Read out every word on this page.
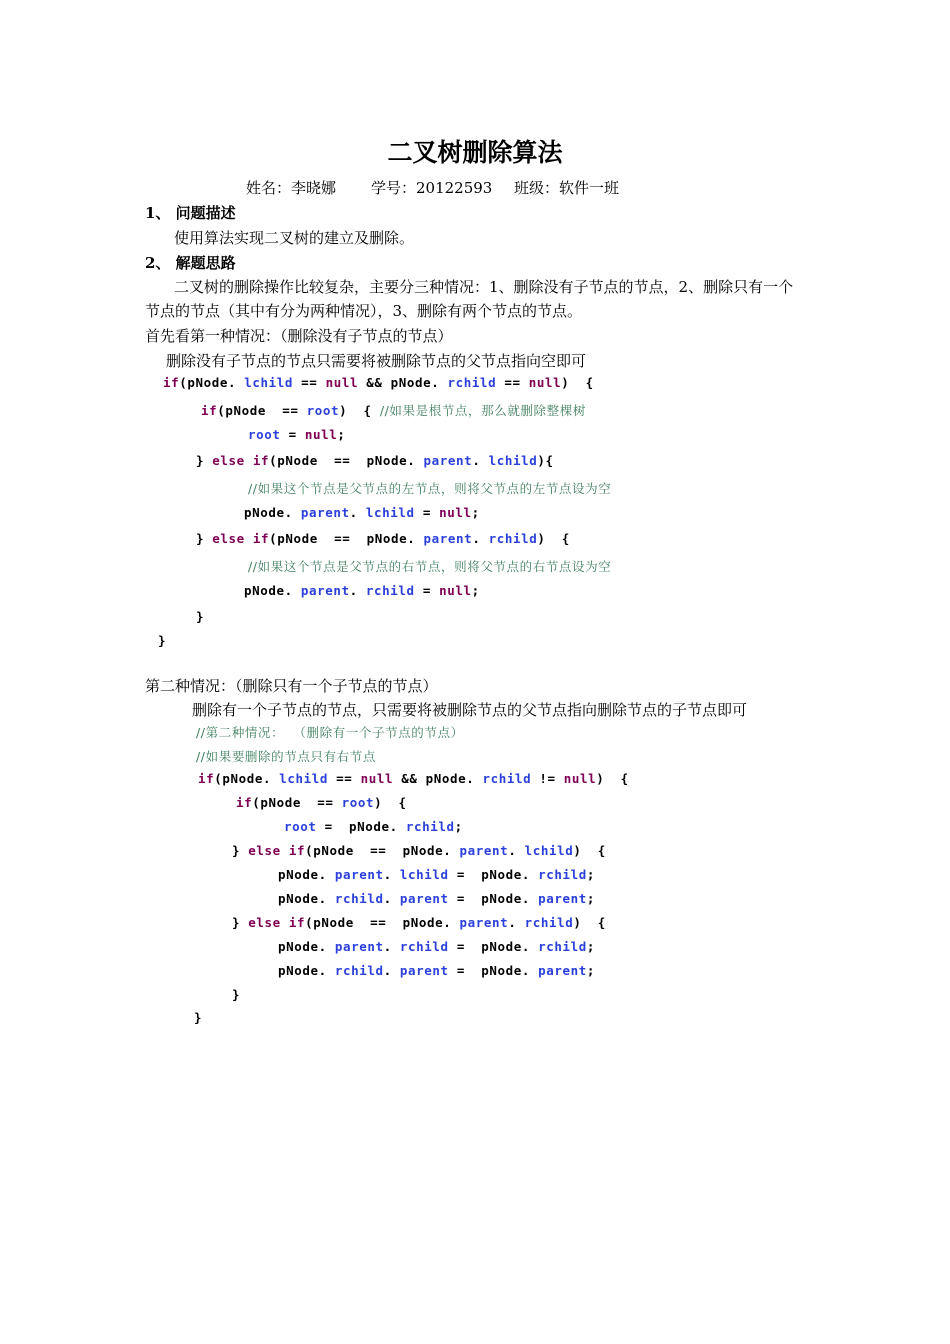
二叉树删除算法
姓名：李晓娜 学号：20122593 班级：软件一班
1、 问题描述
使用算法实现二叉树的建立及删除。
2、 解题思路
二叉树的删除操作比较复杂，主要分三种情况：1、删除没有子节点的节点，2、删除只有一个
节点的节点（其中有分为两种情况），3、删除有两个节点的节点。
首先看第一种情况：（删除没有子节点的节点）
删除没有子节点的节点只需要将被删除节点的父节点指向空即可
if(pNode. lchild == null && pNode. rchild == null)  {
if(pNode  == root)  { //如果是根节点，那么就删除整棵树
root = null;
} else if(pNode  ==  pNode. parent. lchild){
//如果这个节点是父节点的左节点，则将父节点的左节点设为空
pNode. parent. lchild = null;
} else if(pNode  ==  pNode. parent. rchild)  {
//如果这个节点是父节点的右节点，则将父节点的右节点设为空
pNode. parent. rchild = null;
}
}
第二种情况：（删除只有一个子节点的节点）
删除有一个子节点的节点，只需要将被删除节点的父节点指向删除节点的子节点即可
//第二种情况：  （删除有一个子节点的节点）
//如果要删除的节点只有右节点
if(pNode. lchild == null && pNode. rchild != null)  {
if(pNode  == root)  {
root =  pNode. rchild;
} else if(pNode  ==  pNode. parent. lchild)  {
pNode. parent. lchild =  pNode. rchild;
pNode. rchild. parent =  pNode. parent;
} else if(pNode  ==  pNode. parent. rchild)  {
pNode. parent. rchild =  pNode. rchild;
pNode. rchild. parent =  pNode. parent;
}
}
